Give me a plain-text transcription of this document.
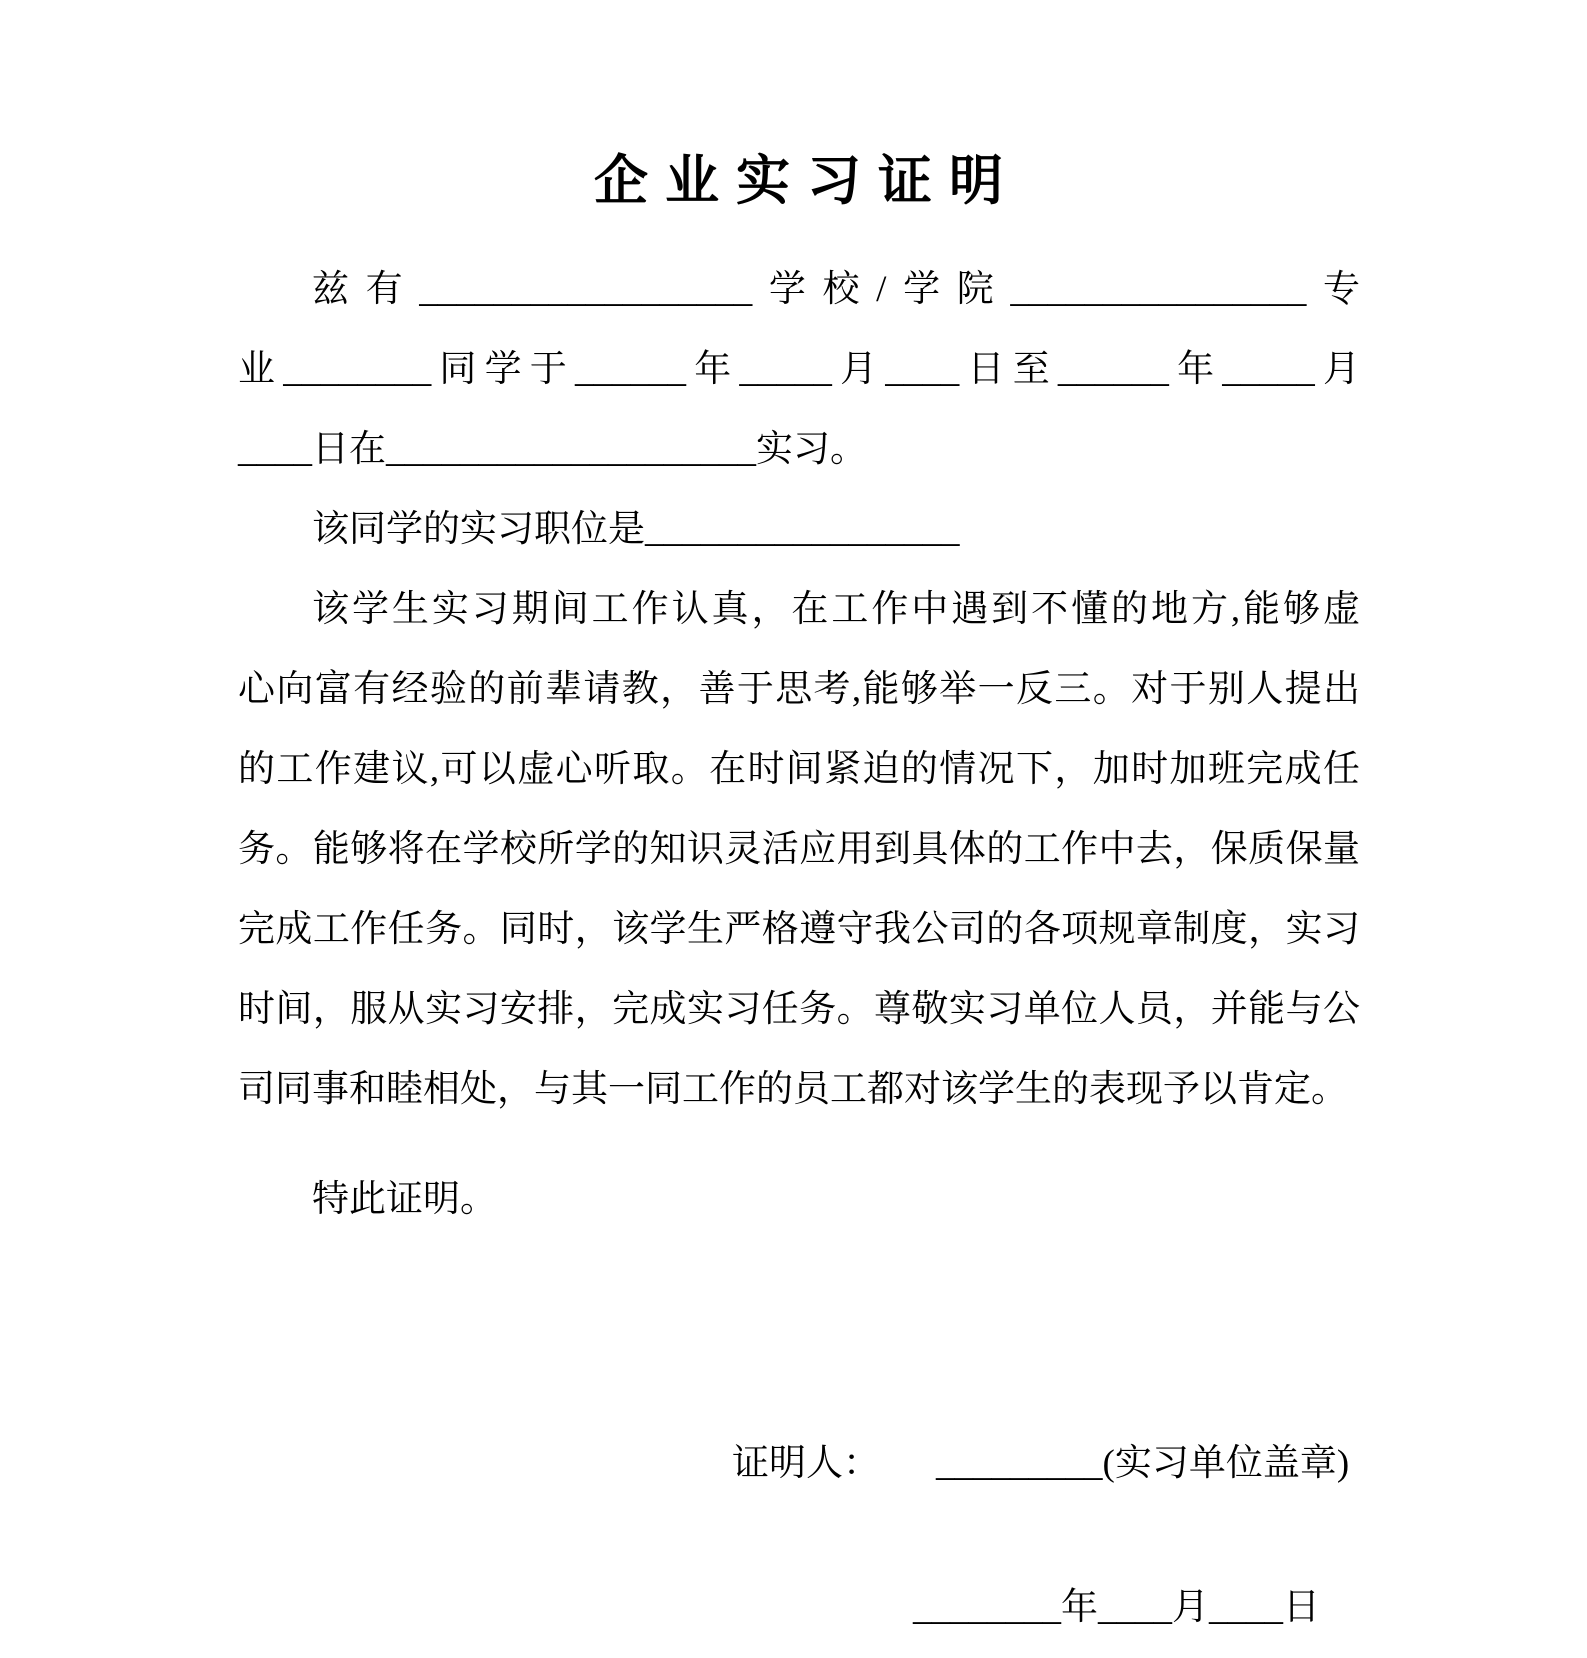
企 业 实 习 证 明

兹有__________________学校/学院________________专

业________同学于______年_____月____日至______年_____月

____日在____________________实习。

该同学的实习职位是_________________

该学生实习期间工作认真，在工作中遇到不懂的地方,能够虚

心向富有经验的前辈请教，善于思考,能够举一反三。对于别人提出

的工作建议,可以虚心听取。在时间紧迫的情况下，加时加班完成任

务。能够将在学校所学的知识灵活应用到具体的工作中去，保质保量

完成工作任务。同时，该学生严格遵守我公司的各项规章制度，实习

时间，服从实习安排，完成实习任务。尊敬实习单位人员，并能与公

司同事和睦相处，与其一同工作的员工都对该学生的表现予以肯定。

特此证明。

证明人： _________(实习单位盖章)

________年____月____日
